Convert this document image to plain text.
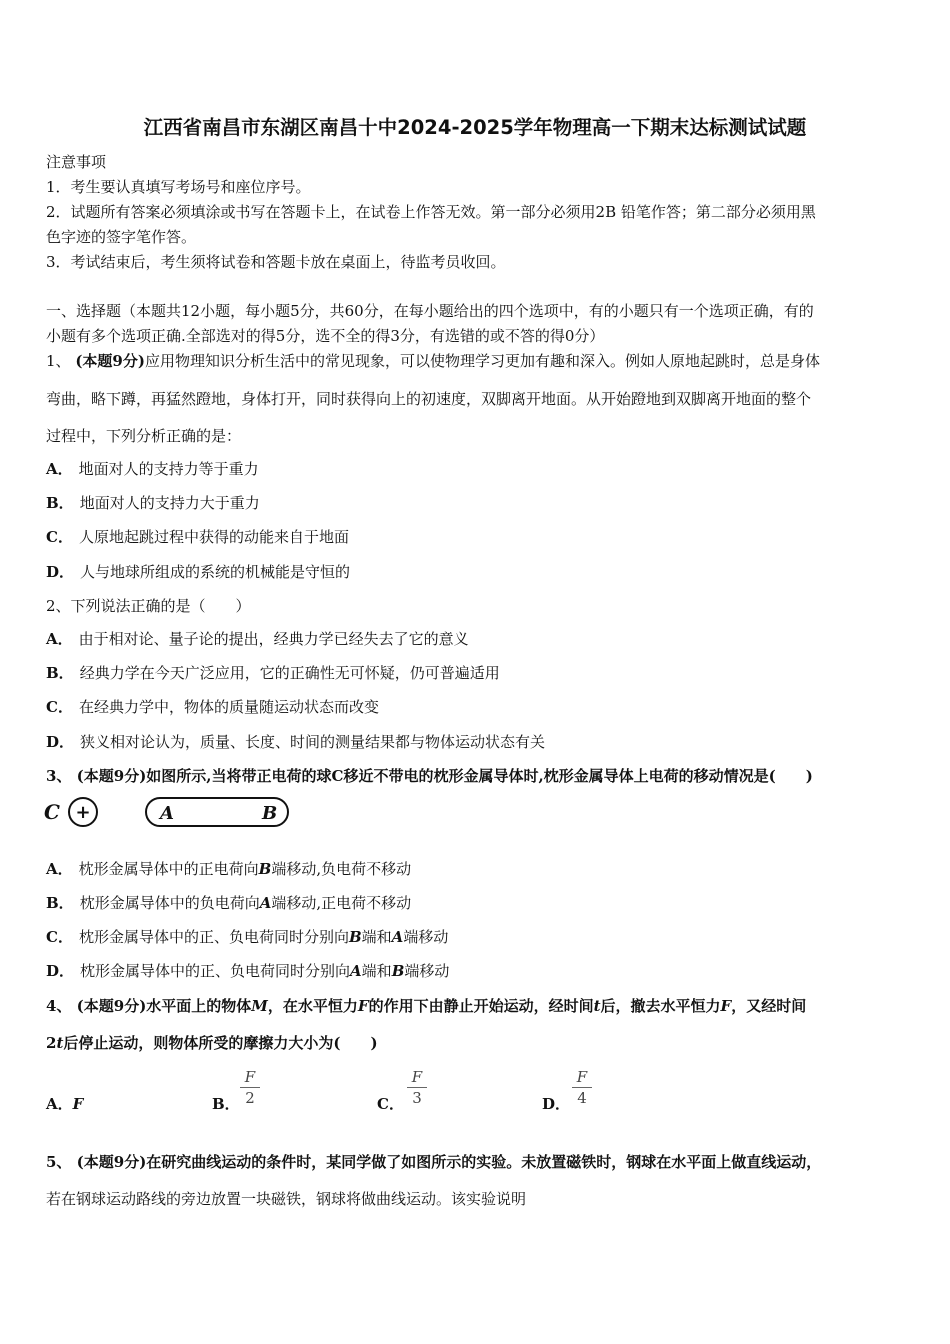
江西省南昌市东湖区南昌十中2024-2025学年物理高一下期末达标测试试题
注意事项
1．考生要认真填写考场号和座位序号。
2．试题所有答案必须填涂或书写在答题卡上，在试卷上作答无效。第一部分必须用2B 铅笔作答；第二部分必须用黑
色字迹的签字笔作答。
3．考试结束后，考生须将试卷和答题卡放在桌面上，待监考员收回。
一、选择题（本题共12小题，每小题5分，共60分，在每小题给出的四个选项中，有的小题只有一个选项正确，有的
小题有多个选项正确.全部选对的得5分，选不全的得3分，有选错的或不答的得0分）
1、 (本题9分)应用物理知识分析生活中的常见现象，可以使物理学习更加有趣和深入。例如人原地起跳时，总是身体
弯曲，略下蹲，再猛然蹬地，身体打开，同时获得向上的初速度，双脚离开地面。从开始蹬地到双脚离开地面的整个
过程中，下列分析正确的是：
A． 地面对人的支持力等于重力
B． 地面对人的支持力大于重力
C． 人原地起跳过程中获得的动能来自于地面
D． 人与地球所组成的系统的机械能是守恒的
2、下列说法正确的是（　　）
A． 由于相对论、量子论的提出，经典力学已经失去了它的意义
B． 经典力学在今天广泛应用，它的正确性无可怀疑，仍可普遍适用
C． 在经典力学中，物体的质量随运动状态而改变
D． 狭义相对论认为，质量、长度、时间的测量结果都与物体运动状态有关
3、 (本题9分)如图所示,当将带正电荷的球C移近不带电的枕形金属导体时,枕形金属导体上电荷的移动情况是(　　)
C +	A	B
A． 枕形金属导体中的正电荷向B端移动,负电荷不移动
B． 枕形金属导体中的负电荷向A端移动,正电荷不移动
C． 枕形金属导体中的正、负电荷同时分别向B端和A端移动
D． 枕形金属导体中的正、负电荷同时分别向A端和B端移动
4、 (本题9分)水平面上的物体M，在水平恒力F的作用下由静止开始运动，经时间t后，撤去水平恒力F，又经时间
2t后停止运动，则物体所受的摩擦力大小为(　　)
A．F	B．
F
2	C．
F
3	D．
F
4
5、 (本题9分)在研究曲线运动的条件时，某同学做了如图所示的实验。未放置磁铁时，钢球在水平面上做直线运动，
若在钢球运动路线的旁边放置一块磁铁，钢球将做曲线运动。该实验说明
